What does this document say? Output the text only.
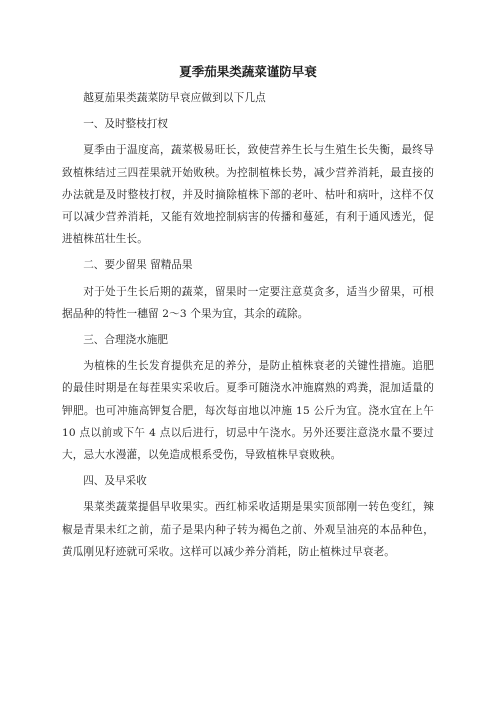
夏季茄果类蔬菜谨防早衰

越夏茄果类蔬菜防早衰应做到以下几点

一、及时整枝打杈

夏季由于温度高，蔬菜极易旺长，致使营养生长与生殖生长失衡，最终导致植株结过三四茬果就开始败秧。为控制植株长势，减少营养消耗，最直接的办法就是及时整枝打杈，并及时摘除植株下部的老叶、枯叶和病叶，这样不仅可以减少营养消耗，又能有效地控制病害的传播和蔓延，有利于通风透光，促进植株茁壮生长。

二、要少留果 留精品果

对于处于生长后期的蔬菜，留果时一定要注意莫贪多，适当少留果，可根据品种的特性一穗留 2～3 个果为宜，其余的疏除。

三、合理浇水施肥

为植株的生长发育提供充足的养分，是防止植株衰老的关键性措施。追肥的最佳时期是在每茬果实采收后。夏季可随浇水冲施腐熟的鸡粪，混加适量的钾肥。也可冲施高钾复合肥，每次每亩地以冲施 15 公斤为宜。浇水宜在上午 10 点以前或下午 4 点以后进行，切忌中午浇水。另外还要注意浇水量不要过大，忌大水漫灌，以免造成根系受伤，导致植株早衰败秧。

四、及早采收

果菜类蔬菜提倡早收果实。西红柿采收适期是果实顶部刚一转色变红，辣椒是青果未红之前，茄子是果内种子转为褐色之前、外观呈油亮的本品种色，黄瓜刚见籽迹就可采收。这样可以减少养分消耗，防止植株过早衰老。
